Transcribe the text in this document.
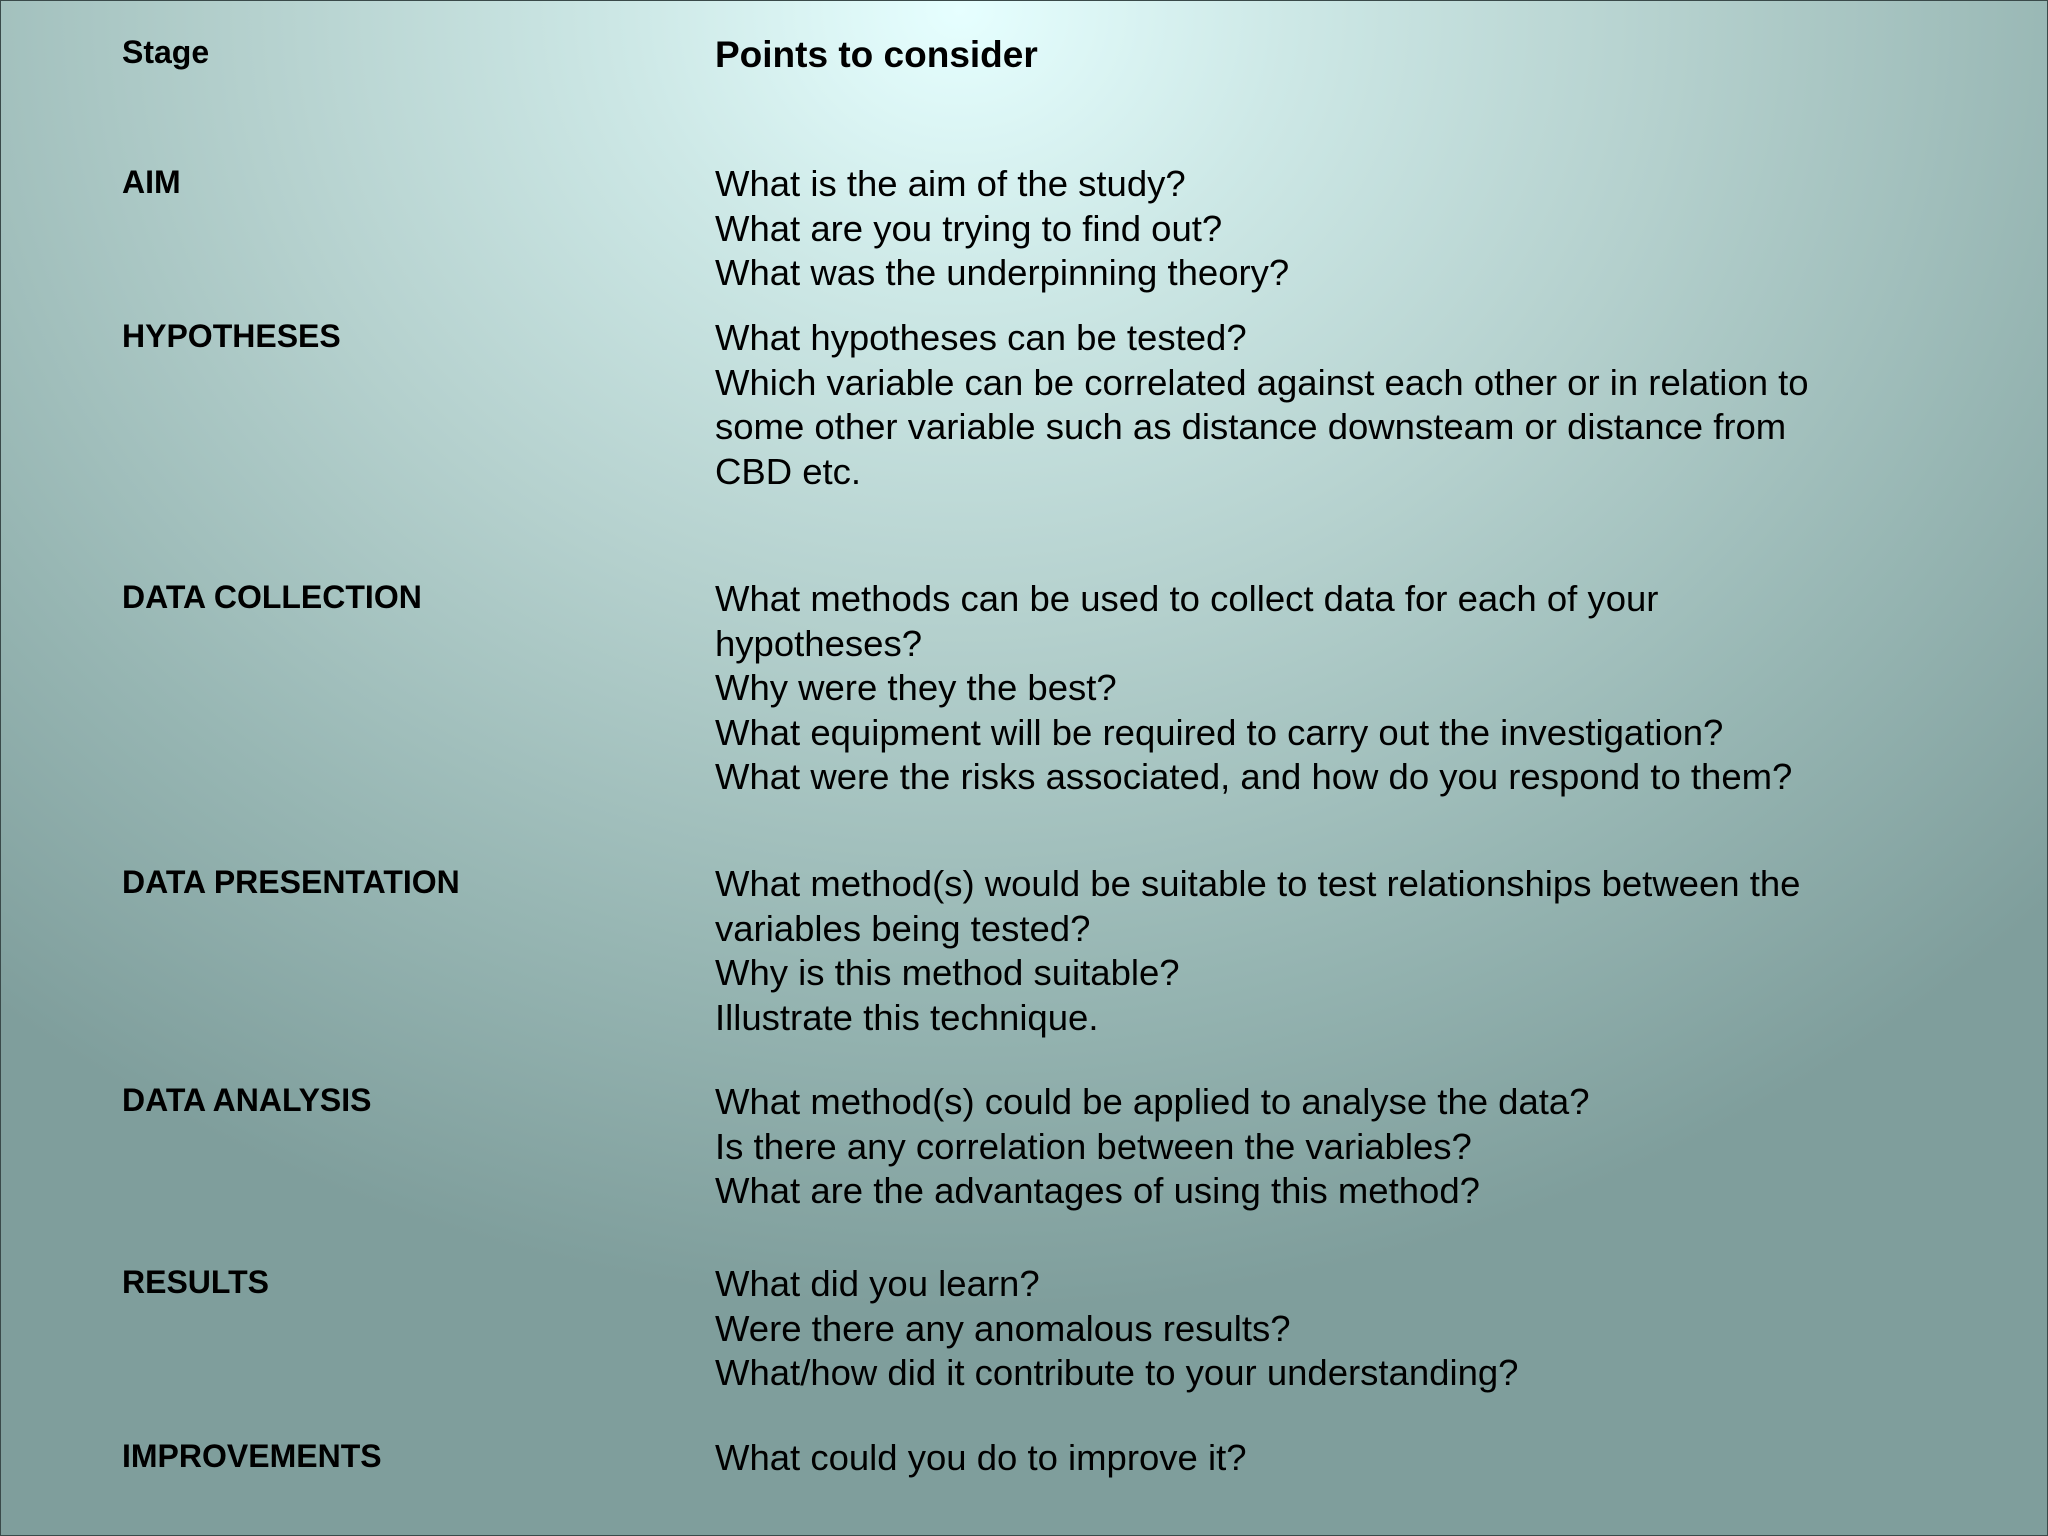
Stage	Points to consider
AIM	What is the aim of the study?
What are you trying to find out?
What was the underpinning theory?
HYPOTHESES	What hypotheses can be tested?
Which variable can be correlated against each other or in relation to
some other variable such as distance downsteam or distance from
CBD etc.
DATA COLLECTION	What methods can be used to collect data for each of your
hypotheses?
Why were they the best?
What equipment will be required to carry out the investigation?
What were the risks associated, and how do you respond to them?
DATA PRESENTATION	What method(s) would be suitable to test relationships between the
variables being tested?
Why is this method suitable?
Illustrate this technique.
DATA ANALYSIS	What method(s) could be applied to analyse the data?
Is there any correlation between the variables?
What are the advantages of using this method?
RESULTS	What did you learn?
Were there any anomalous results?
What/how did it contribute to your understanding?
IMPROVEMENTS	What could you do to improve it?
